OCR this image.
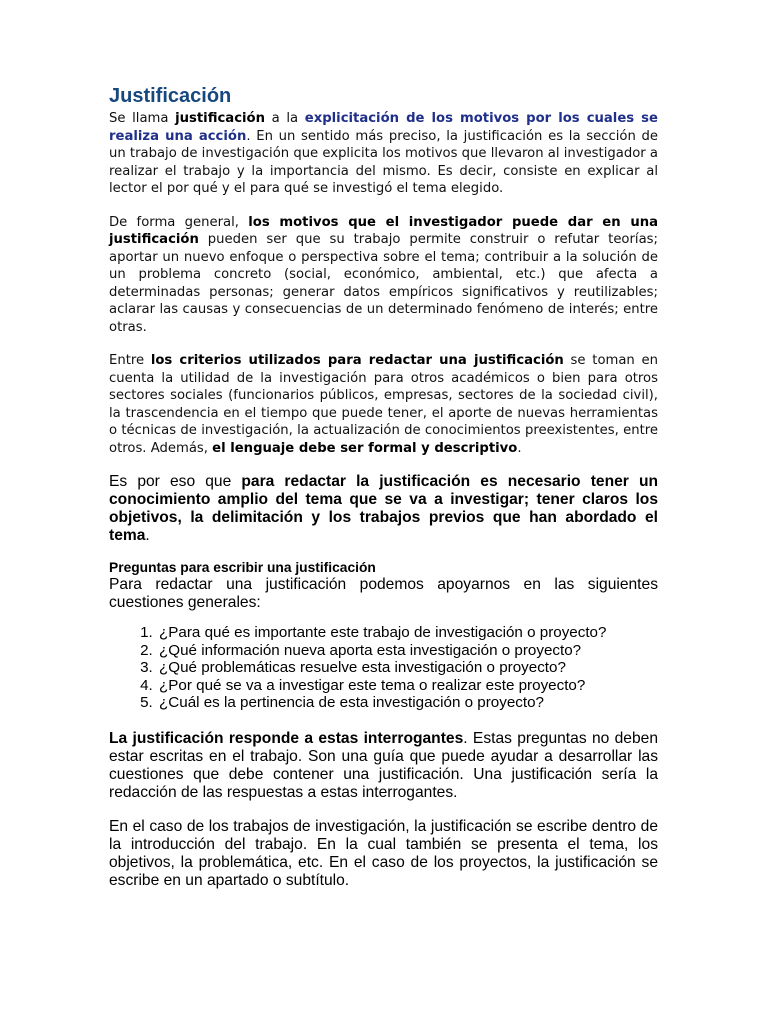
Justificación

Se llama justificación a la explicitación de los motivos por los cuales se realiza una acción. En un sentido más preciso, la justificación es la sección de un trabajo de investigación que explicita los motivos que llevaron al investigador a realizar el trabajo y la importancia del mismo. Es decir, consiste en explicar al lector el por qué y el para qué se investigó el tema elegido.

De forma general, los motivos que el investigador puede dar en una justificación pueden ser que su trabajo permite construir o refutar teorías; aportar un nuevo enfoque o perspectiva sobre el tema; contribuir a la solución de un problema concreto (social, económico, ambiental, etc.) que afecta a determinadas personas; generar datos empíricos significativos y reutilizables; aclarar las causas y consecuencias de un determinado fenómeno de interés; entre otras.

Entre los criterios utilizados para redactar una justificación se toman en cuenta la utilidad de la investigación para otros académicos o bien para otros sectores sociales (funcionarios públicos, empresas, sectores de la sociedad civil), la trascendencia en el tiempo que puede tener, el aporte de nuevas herramientas o técnicas de investigación, la actualización de conocimientos preexistentes, entre otros. Además, el lenguaje debe ser formal y descriptivo.

Es por eso que para redactar la justificación es necesario tener un conocimiento amplio del tema que se va a investigar; tener claros los objetivos, la delimitación y los trabajos previos que han abordado el tema.

Preguntas para escribir una justificación

Para redactar una justificación podemos apoyarnos en las siguientes cuestiones generales:

1. ¿Para qué es importante este trabajo de investigación o proyecto?
2. ¿Qué información nueva aporta esta investigación o proyecto?
3. ¿Qué problemáticas resuelve esta investigación o proyecto?
4. ¿Por qué se va a investigar este tema o realizar este proyecto?
5. ¿Cuál es la pertinencia de esta investigación o proyecto?

La justificación responde a estas interrogantes. Estas preguntas no deben estar escritas en el trabajo. Son una guía que puede ayudar a desarrollar las cuestiones que debe contener una justificación. Una justificación sería la redacción de las respuestas a estas interrogantes.

En el caso de los trabajos de investigación, la justificación se escribe dentro de la introducción del trabajo. En la cual también se presenta el tema, los objetivos, la problemática, etc. En el caso de los proyectos, la justificación se escribe en un apartado o subtítulo.
